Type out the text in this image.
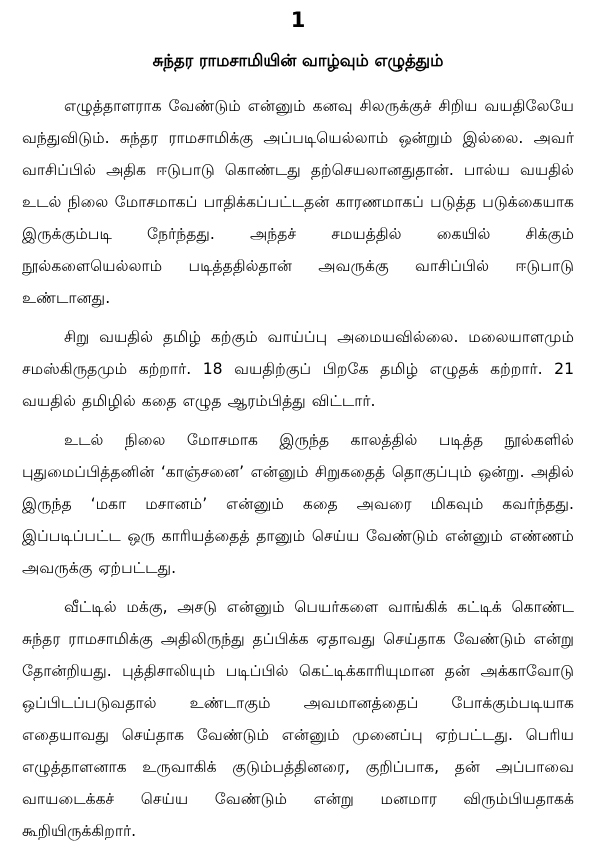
1
சுந்தர ராமசாமியின் வாழ்வும் எழுத்தும்

எழுத்தாளராக வேண்டும் என்னும் கனவு சிலருக்குச் சிறிய வயதிலேயே வந்துவிடும். சுந்தர ராமசாமிக்கு அப்படியெல்லாம் ஒன்றும் இல்லை. அவர் வாசிப்பில் அதிக ஈடுபாடு கொண்டது தற்செயலானதுதான். பால்ய வயதில் உடல் நிலை மோசமாகப் பாதிக்கப்பட்டதன் காரணமாகப் படுத்த படுக்கையாக இருக்கும்படி நேர்ந்தது. அந்தச் சமயத்தில் கையில் சிக்கும் நூல்களையெல்லாம் படித்ததில்தான் அவருக்கு வாசிப்பில் ஈடுபாடு உண்டானது.

சிறு வயதில் தமிழ் கற்கும் வாய்ப்பு அமையவில்லை. மலையாளமும் சமஸ்கிருதமும் கற்றார். 18 வயதிற்குப் பிறகே தமிழ் எழுதக் கற்றார். 21 வயதில் தமிழில் கதை எழுத ஆரம்பித்து விட்டார்.

உடல் நிலை மோசமாக இருந்த காலத்தில் படித்த நூல்களில் புதுமைப்பித்தனின் ‘காஞ்சனை’ என்னும் சிறுகதைத் தொகுப்பும் ஒன்று. அதில் இருந்த ‘மகா மசானம்’ என்னும் கதை அவரை மிகவும் கவர்ந்தது. இப்படிப்பட்ட ஒரு காரியத்தைத் தானும் செய்ய வேண்டும் என்னும் எண்ணம் அவருக்கு ஏற்பட்டது.

வீட்டில் மக்கு, அசடு என்னும் பெயர்களை வாங்கிக் கட்டிக் கொண்ட சுந்தர ராமசாமிக்கு அதிலிருந்து தப்பிக்க ஏதாவது செய்தாக வேண்டும் என்று தோன்றியது. புத்திசாலியும் படிப்பில் கெட்டிக்காரியுமான தன் அக்காவோடு ஒப்பிடப்படுவதால் உண்டாகும் அவமானத்தைப் போக்கும்படியாக எதையாவது செய்தாக வேண்டும் என்னும் முனைப்பு ஏற்பட்டது. பெரிய எழுத்தாளனாக உருவாகிக் குடும்பத்தினரை, குறிப்பாக, தன் அப்பாவை வாயடைக்கச் செய்ய வேண்டும் என்று மனமார விரும்பியதாகக் கூறியிருக்கிறார்.
